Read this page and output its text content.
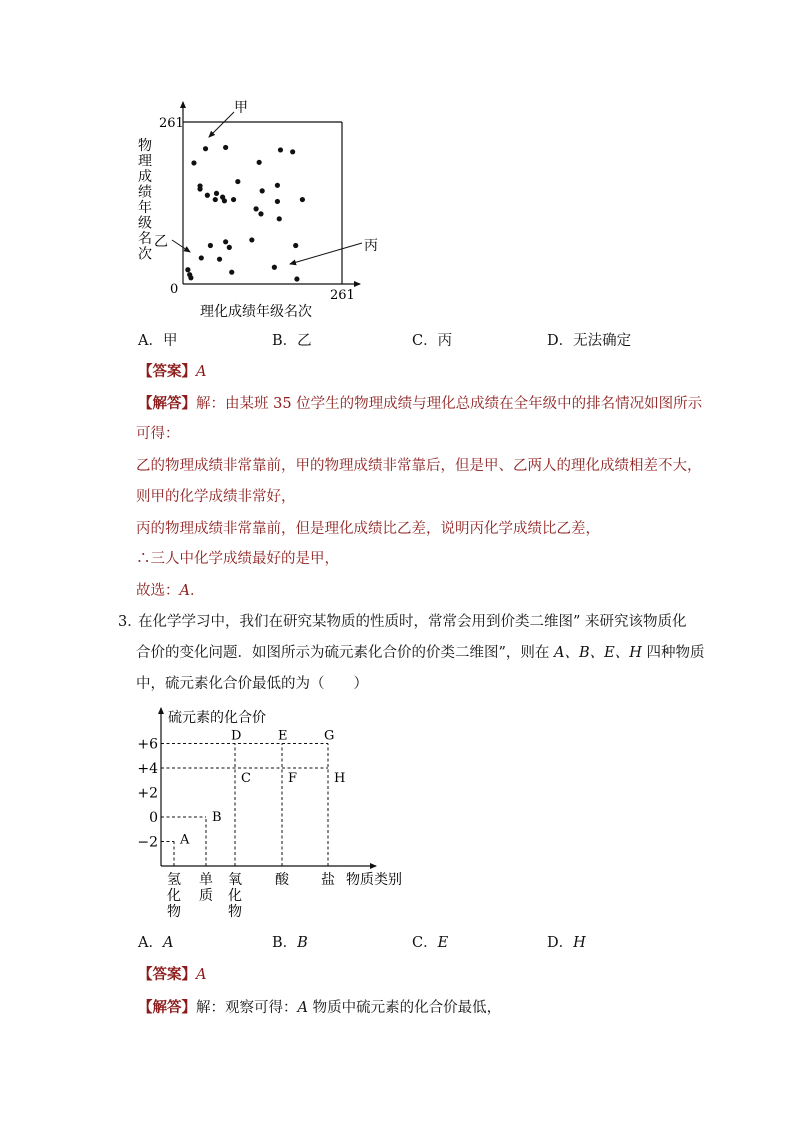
261
261
0
物
理
成
绩
年
级
名
次
理化成绩年级名次
甲
乙	丙
A．甲	B．乙	C．丙	D．无法确定
【答案】A
【解答】解：由某班 35 位学生的物理成绩与理化总成绩在全年级中的排名情况如图所示
可得：
乙的物理成绩非常靠前，甲的物理成绩非常靠后，但是甲、乙两人的理化成绩相差不大，
则甲的化学成绩非常好，
丙的物理成绩非常靠前，但是理化成绩比乙差，说明丙化学成绩比乙差，
∴三人中化学成绩最好的是甲，
故选：A．
3．
在化学学习中，我们在研究某物质的性质时，常常会用到价类二维图” 来研究该物质化
合价的变化问题．如图所示为硫元素化合价的价类二维图”，则在 A、B、E、H 四种物质
中，硫元素化合价最低的为（　　）
硫元素的化合价
物质类别
+6
+4
+2
0
−2
氢
化
物
单
质
氧
化
物
酸 盐
A
B
C
D	E
F
G
H
A．A	B．B	C．E	D．H
【答案】A
【解答】解：观察可得：A 物质中硫元素的化合价最低，
